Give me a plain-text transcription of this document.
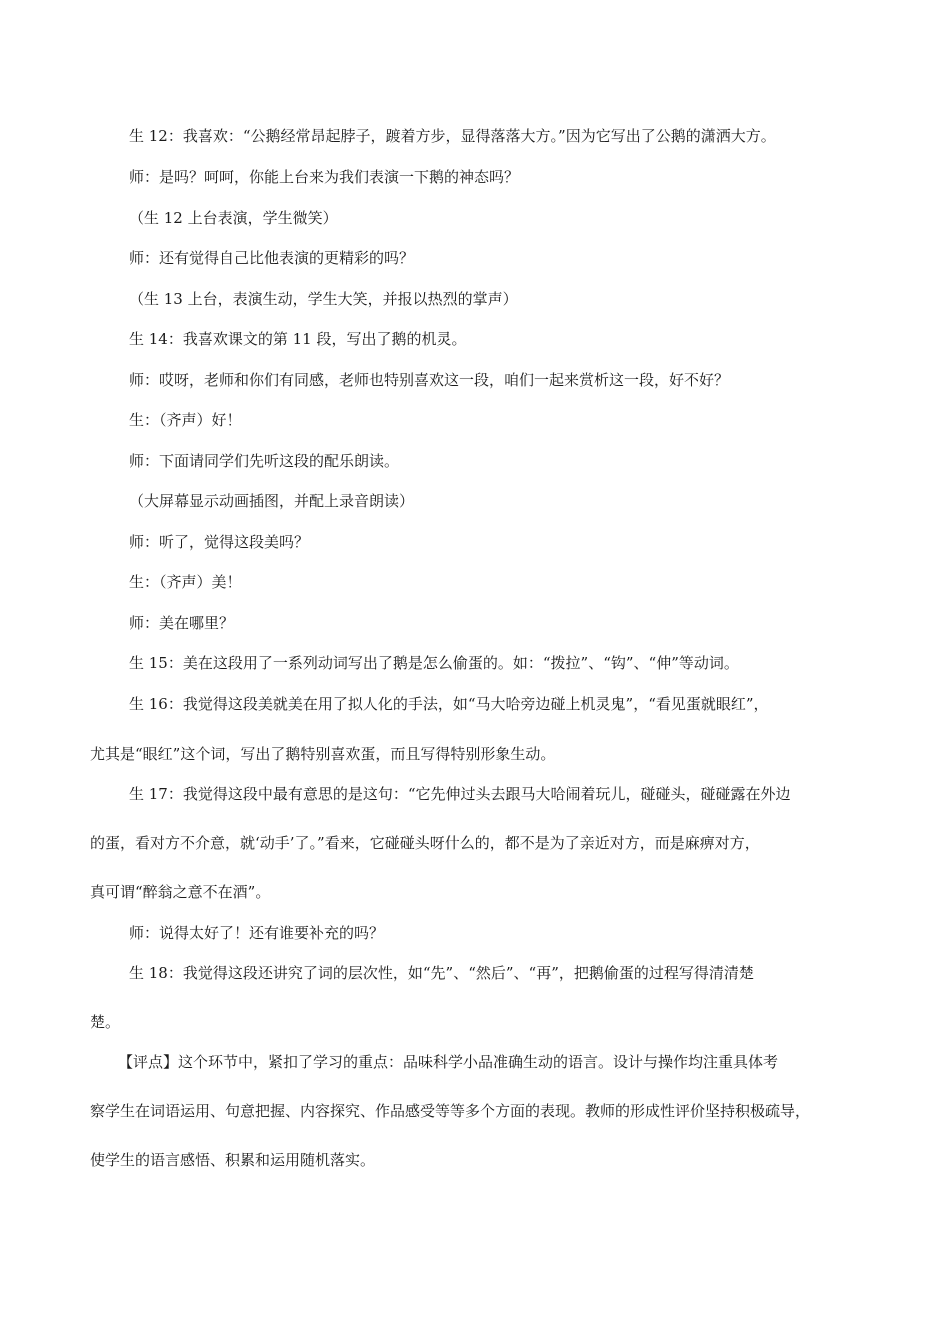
生 12：我喜欢：“公鹅经常昂起脖子，踱着方步，显得落落大方。”因为它写出了公鹅的潇洒大方。
师：是吗？呵呵，你能上台来为我们表演一下鹅的神态吗？
（生 12 上台表演，学生微笑）
师：还有觉得自己比他表演的更精彩的吗？
（生 13 上台，表演生动，学生大笑，并报以热烈的掌声）
生 14：我喜欢课文的第 11 段，写出了鹅的机灵。
师：哎呀，老师和你们有同感，老师也特别喜欢这一段，咱们一起来赏析这一段，好不好？
生：（齐声）好！
师：下面请同学们先听这段的配乐朗读。
（大屏幕显示动画插图，并配上录音朗读）
师：听了，觉得这段美吗？
生：（齐声）美！
师：美在哪里？
生 15：美在这段用了一系列动词写出了鹅是怎么偷蛋的。如：“拨拉”、“钩”、“伸”等动词。
生 16：我觉得这段美就美在用了拟人化的手法，如“马大哈旁边碰上机灵鬼”，“看见蛋就眼红”，
尤其是“眼红”这个词，写出了鹅特别喜欢蛋，而且写得特别形象生动。
生 17：我觉得这段中最有意思的是这句：“它先伸过头去跟马大哈闹着玩儿，碰碰头，碰碰露在外边
的蛋，看对方不介意，就‘动手’了。”看来，它碰碰头呀什么的，都不是为了亲近对方，而是麻痹对方，
真可谓“醉翁之意不在酒”。
师：说得太好了！还有谁要补充的吗？
生 18：我觉得这段还讲究了词的层次性，如“先”、“然后”、“再”，把鹅偷蛋的过程写得清清楚
楚。
【评点】这个环节中，紧扣了学习的重点：品味科学小品准确生动的语言。设计与操作均注重具体考
察学生在词语运用、句意把握、内容探究、作品感受等等多个方面的表现。教师的形成性评价坚持积极疏导，
使学生的语言感悟、积累和运用随机落实。
